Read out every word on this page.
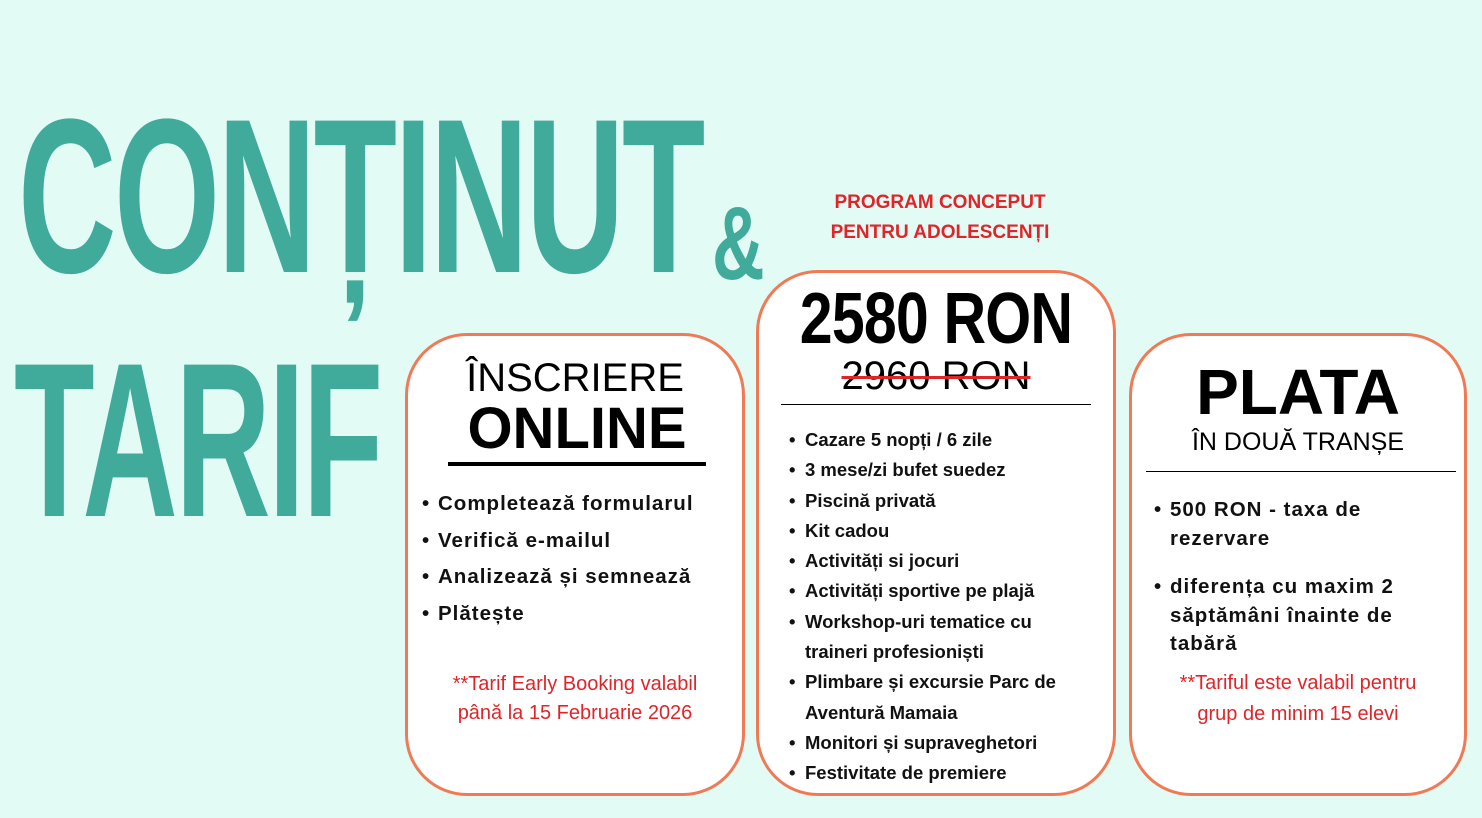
CONȚINUT &
TARIF
PROGRAM CONCEPUT
PENTRU ADOLESCENȚI
ÎNSCRIERE
ONLINE
• Completează formularul
• Verifică e-mailul
• Analizează și semnează
• Plătește
**Tarif Early Booking valabil
până la 15 Februarie 2026
2580 RON
2960 RON
• Cazare 5 nopți / 6 zile
• 3 mese/zi bufet suedez
• Piscină privată
• Kit cadou
• Activități si jocuri
• Activități sportive pe plajă
• Workshop-uri tematice cu traineri profesioniști
• Plimbare și excursie Parc de Aventură Mamaia
• Monitori și supraveghetori
• Festivitate de premiere
PLATA
ÎN DOUĂ TRANȘE
• 500 RON - taxa de rezervare
• diferența cu maxim 2 săptămâni înainte de tabără
**Tariful este valabil pentru
grup de minim 15 elevi
